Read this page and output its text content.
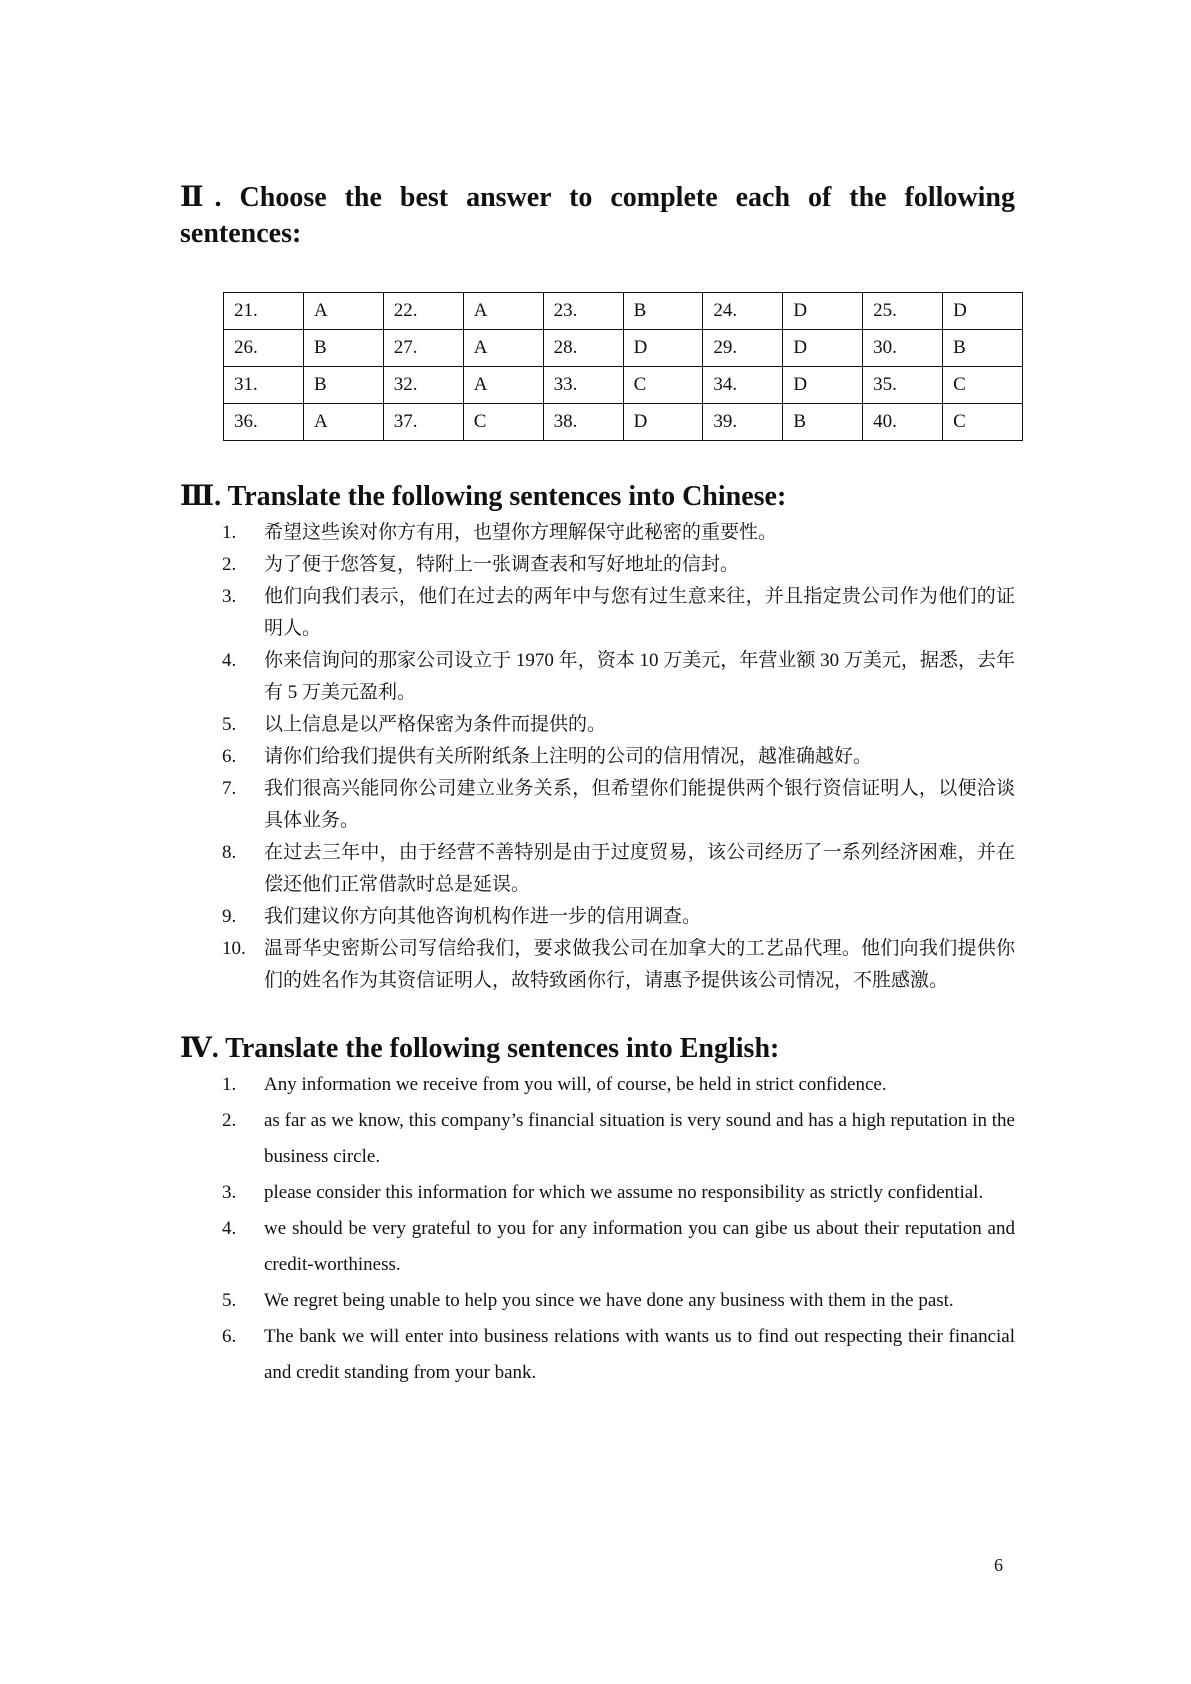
Ⅱ. Choose the best answer to complete each of the following sentences:
21.	A	22.	A	23.	B	24.	D	25.	D
26.	B	27.	A	28.	D	29.	D	30.	B
31.	B	32.	A	33.	C	34.	D	35.	C
36.	A	37.	C	38.	D	39.	B	40.	C
Ⅲ. Translate the following sentences into Chinese:
1. 希望这些诶对你方有用，也望你方理解保守此秘密的重要性。
2. 为了便于您答复，特附上一张调查表和写好地址的信封。
3. 他们向我们表示，他们在过去的两年中与您有过生意来往，并且指定贵公司作为他们的证明人。
4. 你来信询问的那家公司设立于 1970 年，资本 10 万美元，年营业额 30 万美元，据悉，去年有 5 万美元盈利。
5. 以上信息是以严格保密为条件而提供的。
6. 请你们给我们提供有关所附纸条上注明的公司的信用情况，越准确越好。
7. 我们很高兴能同你公司建立业务关系，但希望你们能提供两个银行资信证明人，以便洽谈具体业务。
8. 在过去三年中，由于经营不善特别是由于过度贸易，该公司经历了一系列经济困难，并在偿还他们正常借款时总是延误。
9. 我们建议你方向其他咨询机构作进一步的信用调查。
10. 温哥华史密斯公司写信给我们，要求做我公司在加拿大的工艺品代理。他们向我们提供你们的姓名作为其资信证明人，故特致函你行，请惠予提供该公司情况，不胜感激。
Ⅳ. Translate the following sentences into English:
1. Any information we receive from you will, of course, be held in strict confidence.
2. as far as we know, this company’s financial situation is very sound and has a high reputation in the business circle.
3. please consider this information for which we assume no responsibility as strictly confidential.
4. we should be very grateful to you for any information you can gibe us about their reputation and credit-worthiness.
5. We regret being unable to help you since we have done any business with them in the past.
6. The bank we will enter into business relations with wants us to find out respecting their financial and credit standing from your bank.
6
